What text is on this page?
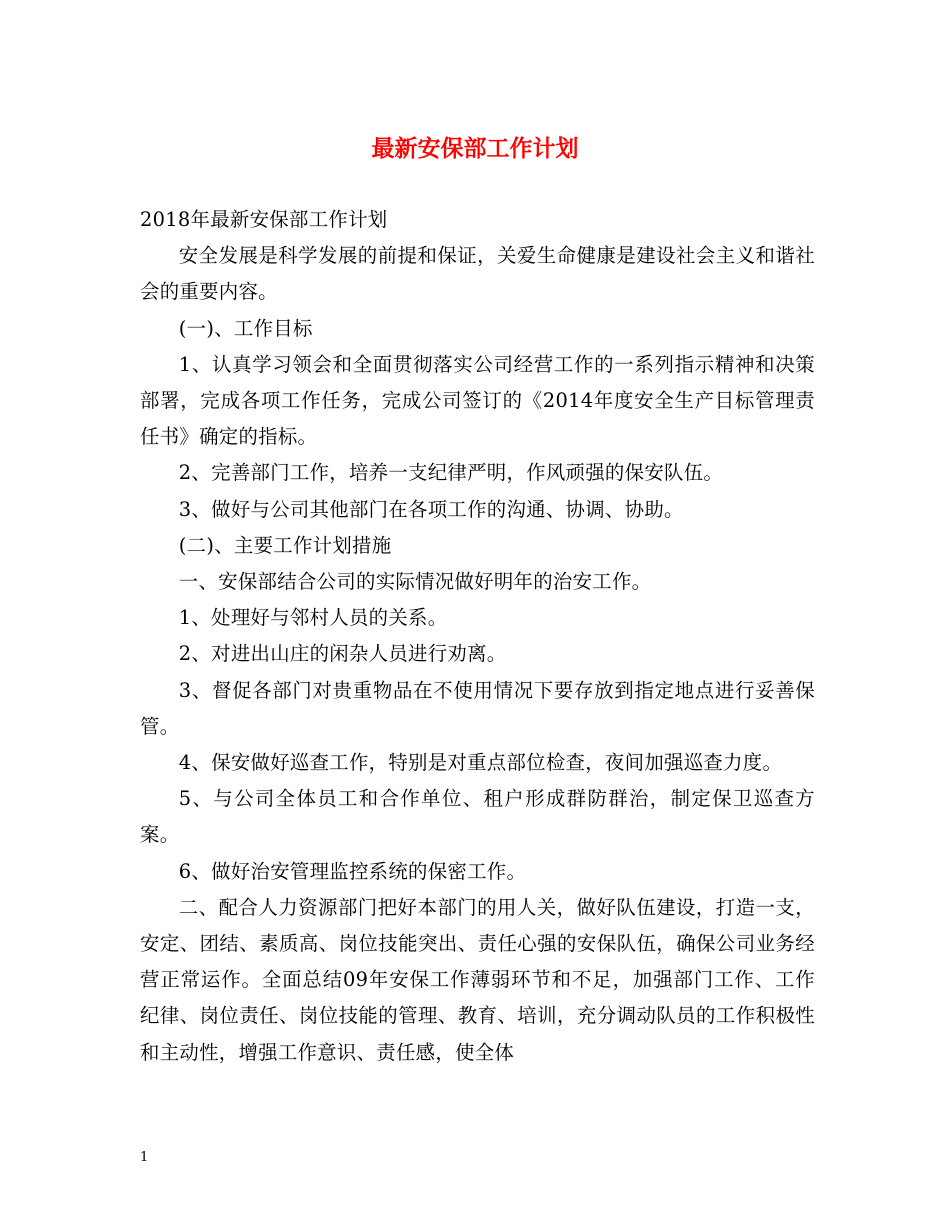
最新安保部工作计划

2018年最新安保部工作计划

安全发展是科学发展的前提和保证，关爱生命健康是建设社会主义和谐社会的重要内容。

(一)、工作目标

1、认真学习领会和全面贯彻落实公司经营工作的一系列指示精神和决策部署，完成各项工作任务，完成公司签订的《2014年度安全生产目标管理责任书》确定的指标。

2、完善部门工作，培养一支纪律严明，作风顽强的保安队伍。

3、做好与公司其他部门在各项工作的沟通、协调、协助。

(二)、主要工作计划措施

一、安保部结合公司的实际情况做好明年的治安工作。

1、处理好与邻村人员的关系。

2、对进出山庄的闲杂人员进行劝离。

3、督促各部门对贵重物品在不使用情况下要存放到指定地点进行妥善保管。

4、保安做好巡查工作，特别是对重点部位检查，夜间加强巡查力度。

5、与公司全体员工和合作单位、租户形成群防群治，制定保卫巡查方案。

6、做好治安管理监控系统的保密工作。

二、配合人力资源部门把好本部门的用人关，做好队伍建设，打造一支，安定、团结、素质高、岗位技能突出、责任心强的安保队伍，确保公司业务经营正常运作。全面总结09年安保工作薄弱环节和不足，加强部门工作、工作纪律、岗位责任、岗位技能的管理、教育、培训，充分调动队员的工作积极性和主动性，增强工作意识、责任感，使全体

1
